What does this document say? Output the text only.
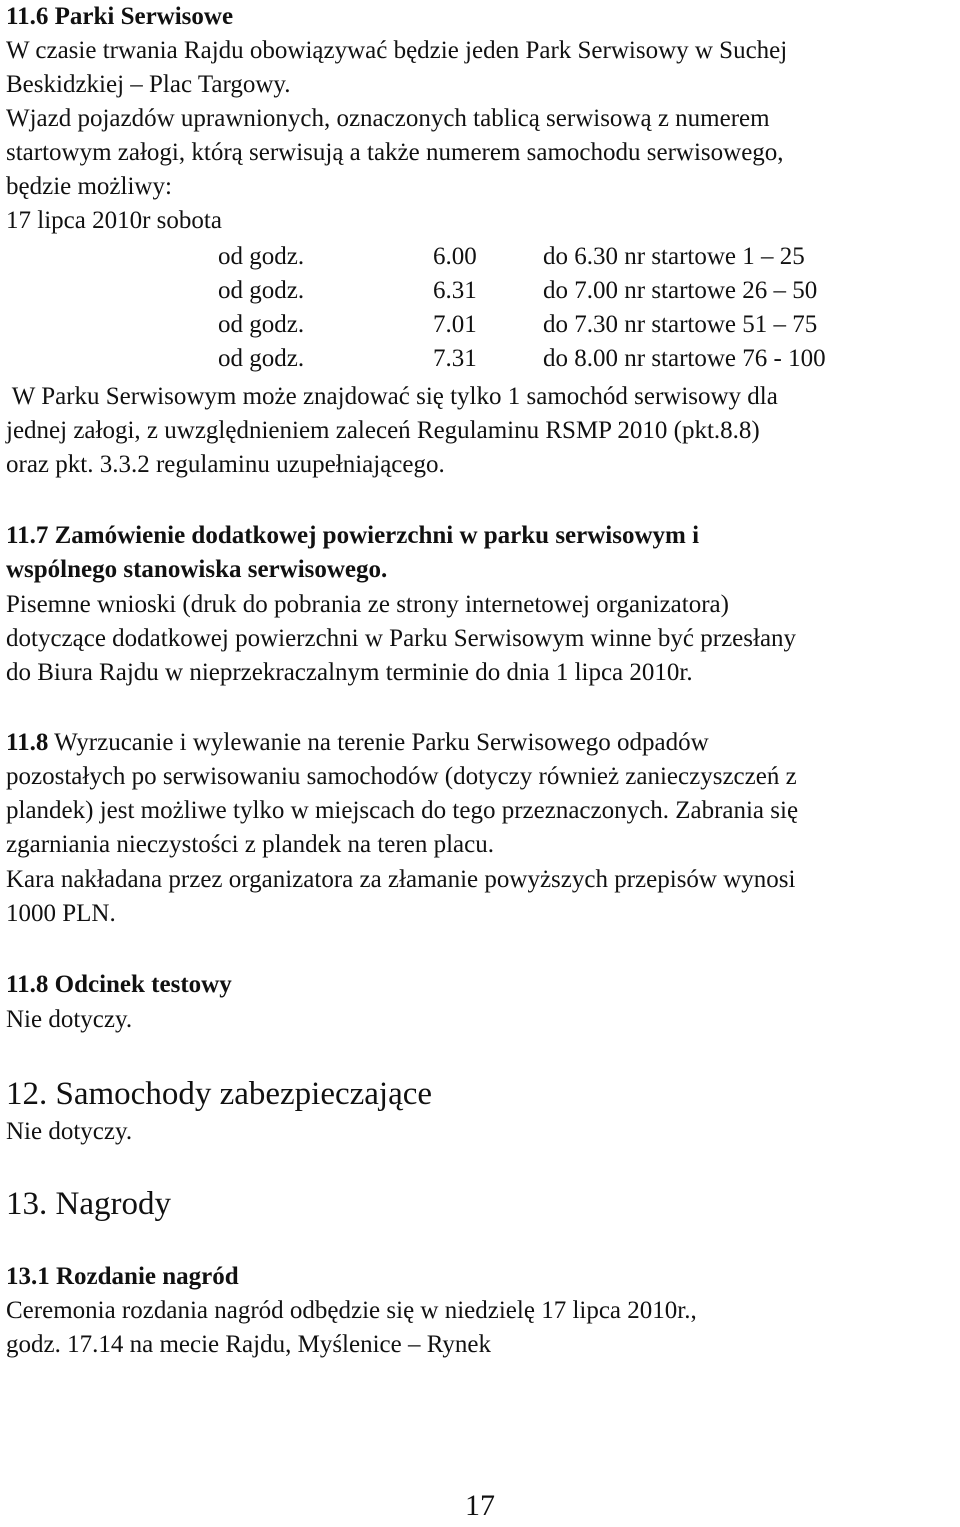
11.6 Parki Serwisowe
W czasie trwania Rajdu obowiązywać będzie jeden Park Serwisowy w Suchej
Beskidzkiej – Plac Targowy.
Wjazd pojazdów uprawnionych, oznaczonych tablicą serwisową z numerem
startowym załogi, którą serwisują a także numerem samochodu serwisowego,
będzie możliwy:
17 lipca 2010r sobota
od godz.	6.00	do 6.30 nr startowe 1 – 25
od godz.	6.31	do 7.00 nr startowe 26 – 50
od godz.	7.01	do 7.30 nr startowe 51 – 75
od godz.	7.31	do 8.00 nr startowe 76 - 100
W Parku Serwisowym może znajdować się tylko 1 samochód serwisowy dla
jednej załogi, z uwzględnieniem zaleceń Regulaminu RSMP 2010 (pkt.8.8)
oraz pkt. 3.3.2 regulaminu uzupełniającego.
11.7 Zamówienie dodatkowej powierzchni w parku serwisowym i
wspólnego stanowiska serwisowego.
Pisemne wnioski (druk do pobrania ze strony internetowej organizatora)
dotyczące dodatkowej powierzchni w Parku Serwisowym winne być przesłany
do Biura Rajdu w nieprzekraczalnym terminie do dnia 1 lipca 2010r.
11.8 Wyrzucanie i wylewanie na terenie Parku Serwisowego odpadów
pozostałych po serwisowaniu samochodów (dotyczy również zanieczyszczeń z
plandek) jest możliwe tylko w miejscach do tego przeznaczonych. Zabrania się
zgarniania nieczystości z plandek na teren placu.
Kara nakładana przez organizatora za złamanie powyższych przepisów wynosi
1000 PLN.
11.8 Odcinek testowy
Nie dotyczy.
12. Samochody zabezpieczające
Nie dotyczy.
13. Nagrody
13.1 Rozdanie nagród
Ceremonia rozdania nagród odbędzie się w niedzielę 17 lipca 2010r.,
godz. 17.14 na mecie Rajdu, Myślenice – Rynek
17
